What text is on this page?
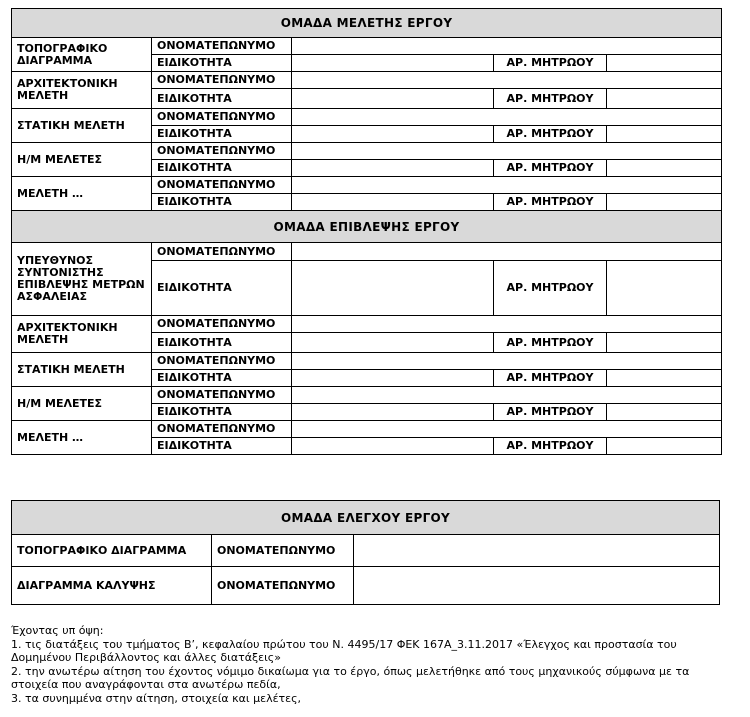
ΟΜΑΔΑ ΜΕΛΕΤΗΣ ΕΡΓΟΥ				
ΤΟΠΟΓΡΑΦΙΚΟ ΔΙΑΓΡΑΜΜΑ	ΟΝΟΜΑΤΕΠΩΝΥΜΟ			
	ΕΙΔΙΚΟΤΗΤΑ		ΑΡ. ΜΗΤΡΩΟΥ	
ΑΡΧΙΤΕΚΤΟΝΙΚΗ ΜΕΛΕΤΗ	ΟΝΟΜΑΤΕΠΩΝΥΜΟ			
	ΕΙΔΙΚΟΤΗΤΑ		ΑΡ. ΜΗΤΡΩΟΥ	
ΣΤΑΤΙΚΗ ΜΕΛΕΤΗ	ΟΝΟΜΑΤΕΠΩΝΥΜΟ			
	ΕΙΔΙΚΟΤΗΤΑ		ΑΡ. ΜΗΤΡΩΟΥ	
Η/Μ ΜΕΛΕΤΕΣ	ΟΝΟΜΑΤΕΠΩΝΥΜΟ			
	ΕΙΔΙΚΟΤΗΤΑ		ΑΡ. ΜΗΤΡΩΟΥ	
ΜΕΛΕΤΗ …	ΟΝΟΜΑΤΕΠΩΝΥΜΟ			
	ΕΙΔΙΚΟΤΗΤΑ		ΑΡ. ΜΗΤΡΩΟΥ	
ΟΜΑΔΑ ΕΠΙΒΛΕΨΗΣ ΕΡΓΟΥ				
ΥΠΕΥΘΥΝΟΣ ΣΥΝΤΟΝΙΣΤΗΣ ΕΠΙΒΛΕΨΗΣ ΜΕΤΡΩΝ ΑΣΦΑΛΕΙΑΣ	ΟΝΟΜΑΤΕΠΩΝΥΜΟ			
	ΕΙΔΙΚΟΤΗΤΑ		ΑΡ. ΜΗΤΡΩΟΥ	
ΑΡΧΙΤΕΚΤΟΝΙΚΗ ΜΕΛΕΤΗ	ΟΝΟΜΑΤΕΠΩΝΥΜΟ			
	ΕΙΔΙΚΟΤΗΤΑ		ΑΡ. ΜΗΤΡΩΟΥ	
ΣΤΑΤΙΚΗ ΜΕΛΕΤΗ	ΟΝΟΜΑΤΕΠΩΝΥΜΟ			
	ΕΙΔΙΚΟΤΗΤΑ		ΑΡ. ΜΗΤΡΩΟΥ	
Η/Μ ΜΕΛΕΤΕΣ	ΟΝΟΜΑΤΕΠΩΝΥΜΟ			
	ΕΙΔΙΚΟΤΗΤΑ		ΑΡ. ΜΗΤΡΩΟΥ	
ΜΕΛΕΤΗ …	ΟΝΟΜΑΤΕΠΩΝΥΜΟ			
	ΕΙΔΙΚΟΤΗΤΑ		ΑΡ. ΜΗΤΡΩΟΥ	
ΟΜΑΔΑ ΕΛΕΓΧΟΥ ΕΡΓΟΥ		
ΤΟΠΟΓΡΑΦΙΚΟ ΔΙΑΓΡΑΜΜΑ	ΟΝΟΜΑΤΕΠΩΝΥΜΟ	
ΔΙΑΓΡΑΜΜΑ ΚΑΛΥΨΗΣ	ΟΝΟΜΑΤΕΠΩΝΥΜΟ	

Έχοντας υπ όψη:

1. τις διατάξεις του τμήματος Β’, κεφαλαίου πρώτου του Ν. 4495/17 ΦΕΚ 167Α_3.11.2017 «Έλεγχος και προστασία του Δομημένου Περιβάλλοντος και άλλες διατάξεις»

2. την ανωτέρω αίτηση του έχοντος νόμιμο δικαίωμα για το έργο, όπως μελετήθηκε από τους μηχανικούς σύμφωνα με τα στοιχεία που αναγράφονται στα ανωτέρω πεδία,

3. τα συνημμένα στην αίτηση, στοιχεία και μελέτες,
